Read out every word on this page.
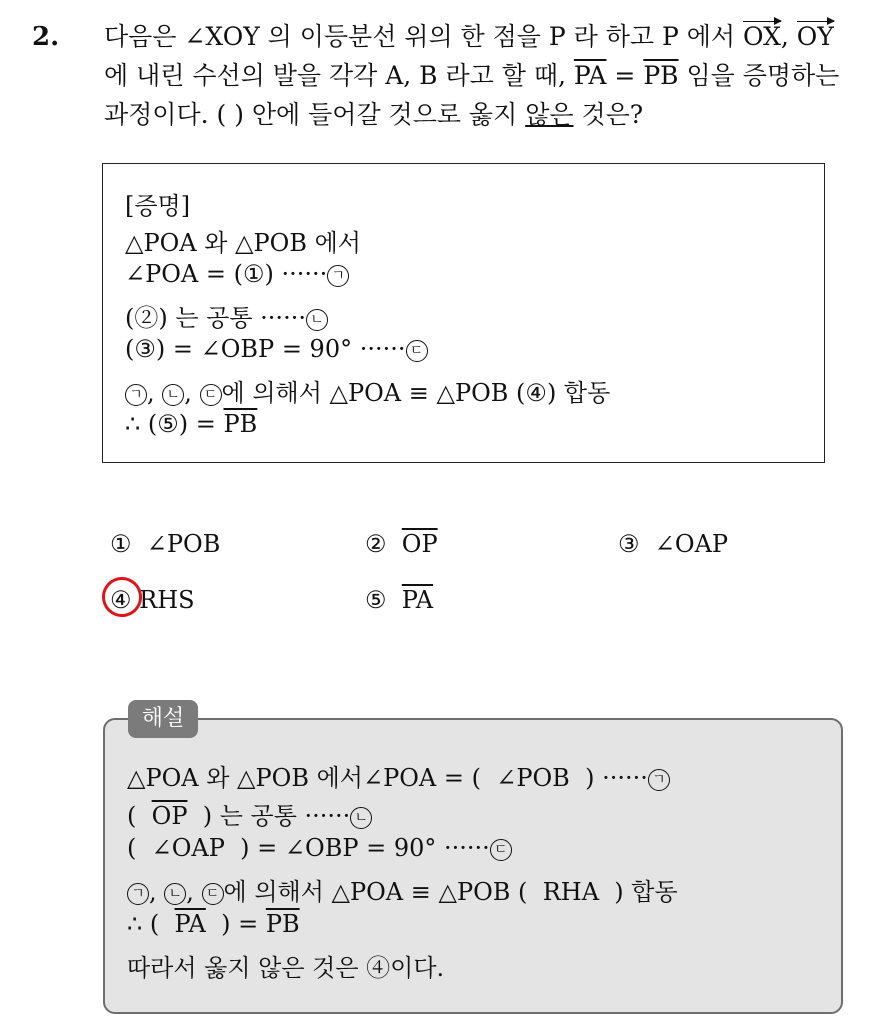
2. 다음은 ∠XOY 의 이등분선 위의 한 점을 P 라 하고 P 에서 OX, OY
에 내린 수선의 발을 각각 A, B 라고 할 때, $\overline{PA} = \overline{PB}$ 임을 증명하는
과정이다. ( ) 안에 들어갈 것으로 옳지 않은 것은?
[증명]
△POA 와 △POB 에서
∠POA = (①) ······ ㄱ
(②) 는 공통 ······ ㄴ
(③) = ∠OBP = 90° ······ ㄷ
ㄱ , ㄴ , ㄷ 에 의해서 △POA ≡ △POB (④) 합동
∴ (⑤) = $\overline{PB}$
① ∠POB	② $\overline{OP}$	③ ∠OAP
④ RHS	⑤ $\overline{PA}$
△POA 와 △POB 에서∠POA = ( ∠POB ) ······ ㄱ
( $\overline{OP}$ ) 는 공통 ······ ㄴ
( ∠OAP ) = ∠OBP = 90° ······ ㄷ
ㄱ , ㄴ , ㄷ 에 의해서 △POA ≡ △POB ( RHA ) 합동
∴ ( $\overline{PA}$ ) = $\overline{PB}$
따라서 옳지 않은 것은 ④이다.
해설
